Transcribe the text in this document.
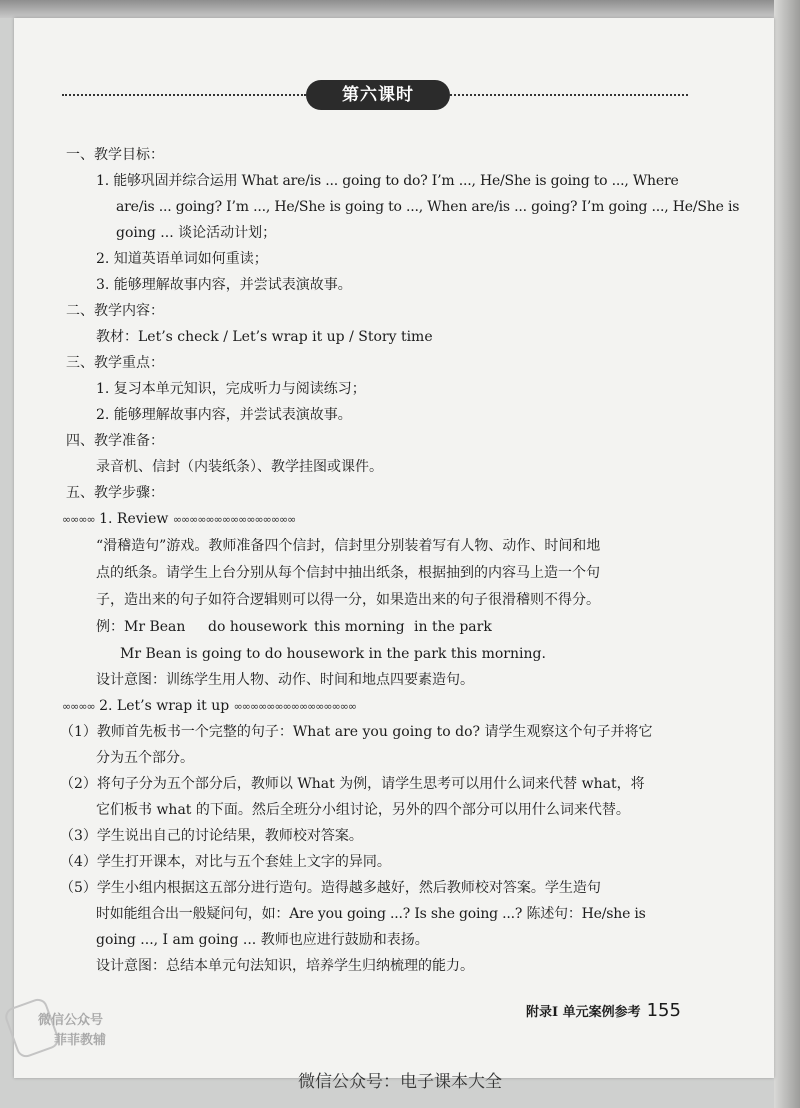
第六课时
一、教学目标：
1. 能够巩固并综合运用 What are/is ... going to do? I’m ..., He/She is going to ..., Where
are/is ... going? I’m ..., He/She is going to ..., When are/is ... going? I’m going ..., He/She is
going ... 谈论活动计划；
2. 知道英语单词如何重读；
3. 能够理解故事内容，并尝试表演故事。
二、教学内容：
教材：Let’s check / Let’s wrap it up / Story time
三、教学重点：
1. 复习本单元知识，完成听力与阅读练习；
2. 能够理解故事内容，并尝试表演故事。
四、教学准备：
录音机、信封（内装纸条）、教学挂图或课件。
五、教学步骤：
∞∞∞∞ 1. Review ∞∞∞∞∞∞∞∞∞∞∞∞∞∞∞
“滑稽造句”游戏。教师准备四个信封，信封里分别装着写有人物、动作、时间和地
点的纸条。请学生上台分别从每个信封中抽出纸条，根据抽到的内容马上造一个句
子，造出来的句子如符合逻辑则可以得一分，如果造出来的句子很滑稽则不得分。
例：Mr Bean do housework this morning in the park
Mr Bean is going to do housework in the park this morning.
设计意图：训练学生用人物、动作、时间和地点四要素造句。
∞∞∞∞ 2. Let’s wrap it up ∞∞∞∞∞∞∞∞∞∞∞∞∞∞∞
（1）教师首先板书一个完整的句子：What are you going to do? 请学生观察这个句子并将它
分为五个部分。
（2）将句子分为五个部分后，教师以 What 为例，请学生思考可以用什么词来代替 what，将
它们板书 what 的下面。然后全班分小组讨论，另外的四个部分可以用什么词来代替。
（3）学生说出自己的讨论结果，教师校对答案。
（4）学生打开课本，对比与五个套娃上文字的异同。
（5）学生小组内根据这五部分进行造句。造得越多越好，然后教师校对答案。学生造句
时如能组合出一般疑问句，如：Are you going ...? Is she going ...? 陈述句：He/she is
going ..., I am going ... 教师也应进行鼓励和表扬。
设计意图：总结本单元句法知识，培养学生归纳梳理的能力。
附录Ⅰ 单元案例参考 155
微信公众号
菲菲教辅
微信公众号：电子课本大全
